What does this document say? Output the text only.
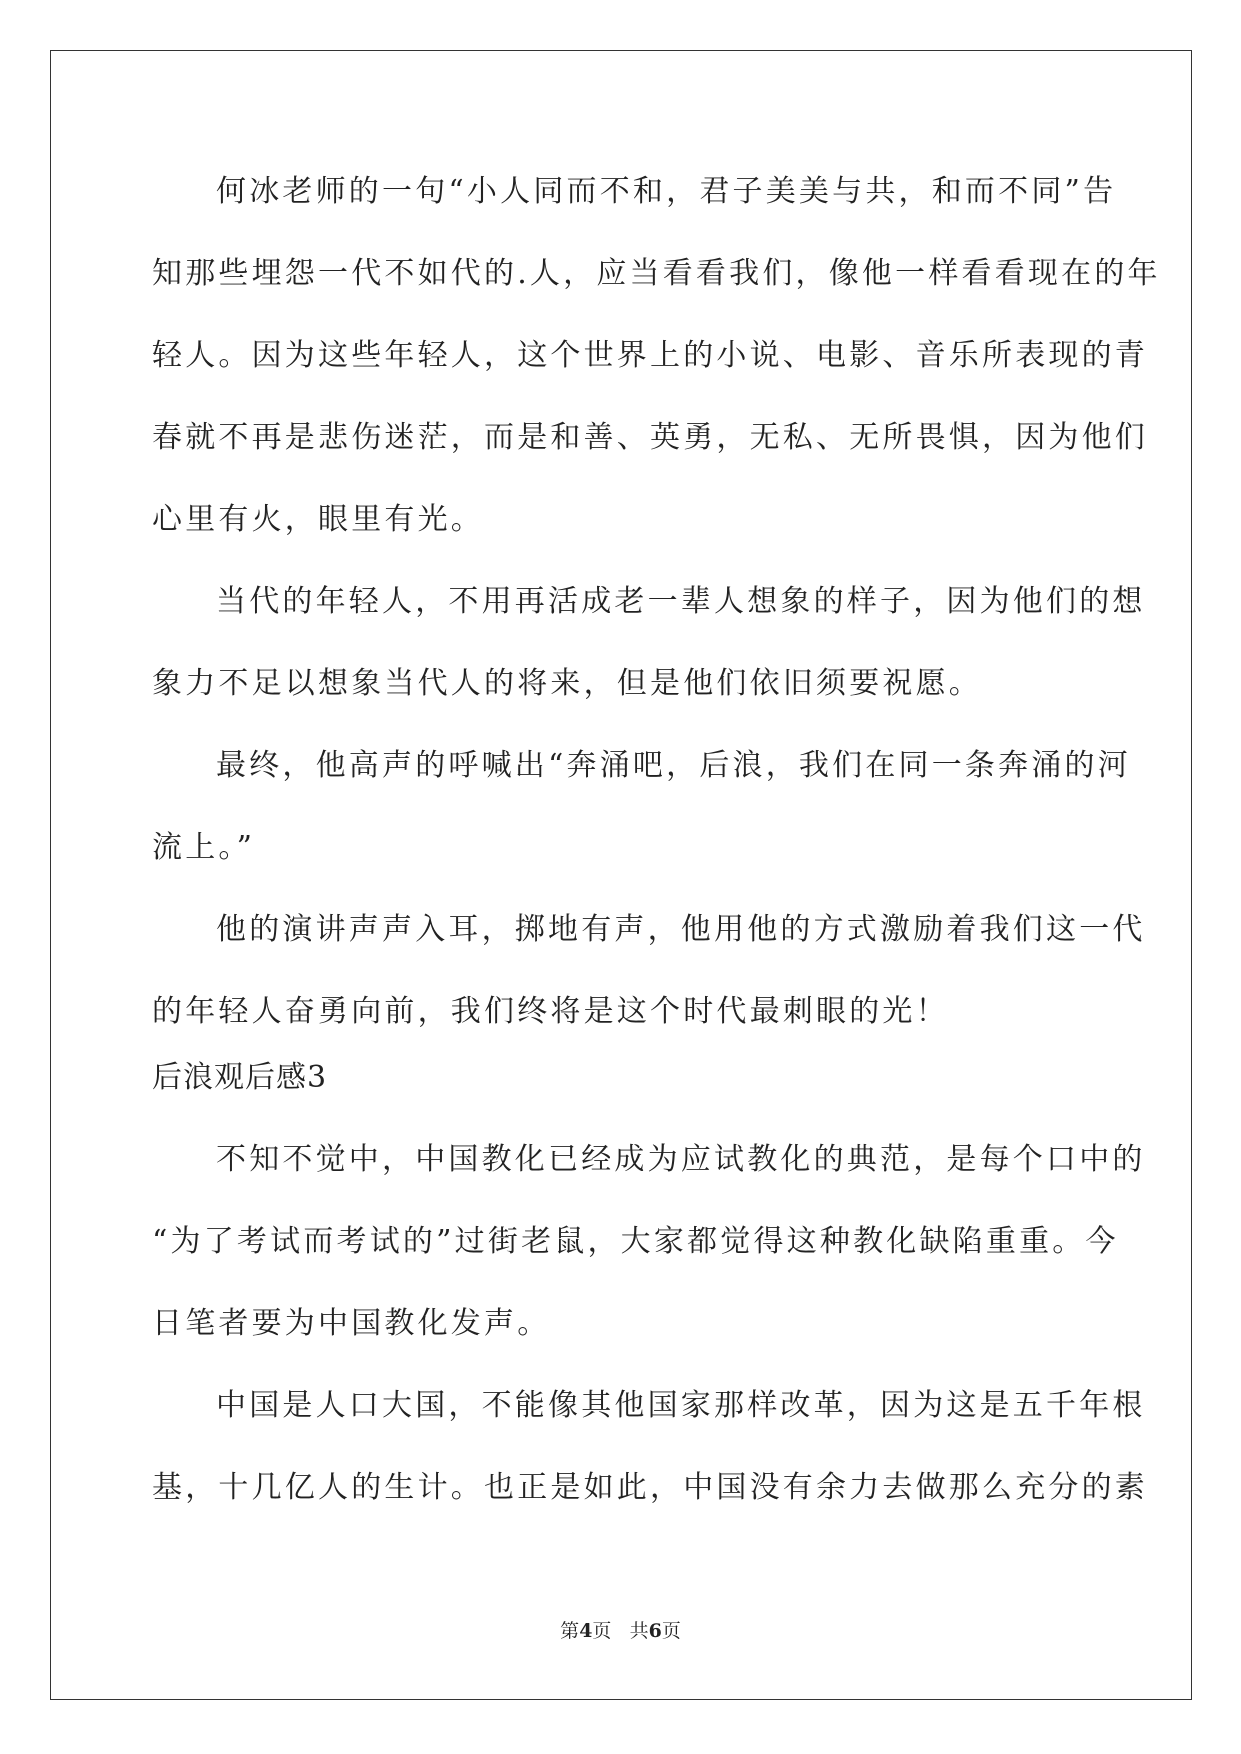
何冰老师的一句“小人同而不和，君子美美与共，和而不同”告
知那些埋怨一代不如代的.人，应当看看我们，像他一样看看现在的年
轻人。因为这些年轻人，这个世界上的小说、电影、音乐所表现的青
春就不再是悲伤迷茫，而是和善、英勇，无私、无所畏惧，因为他们
心里有火，眼里有光。
当代的年轻人，不用再活成老一辈人想象的样子，因为他们的想
象力不足以想象当代人的将来，但是他们依旧须要祝愿。
最终，他高声的呼喊出“奔涌吧，后浪，我们在同一条奔涌的河
流上。”
他的演讲声声入耳，掷地有声，他用他的方式激励着我们这一代
的年轻人奋勇向前，我们终将是这个时代最刺眼的光！
后浪观后感3
不知不觉中，中国教化已经成为应试教化的典范，是每个口中的
“为了考试而考试的”过街老鼠，大家都觉得这种教化缺陷重重。今
日笔者要为中国教化发声。
中国是人口大国，不能像其他国家那样改革，因为这是五千年根
基，十几亿人的生计。也正是如此，中国没有余力去做那么充分的素
第4页 共6页
